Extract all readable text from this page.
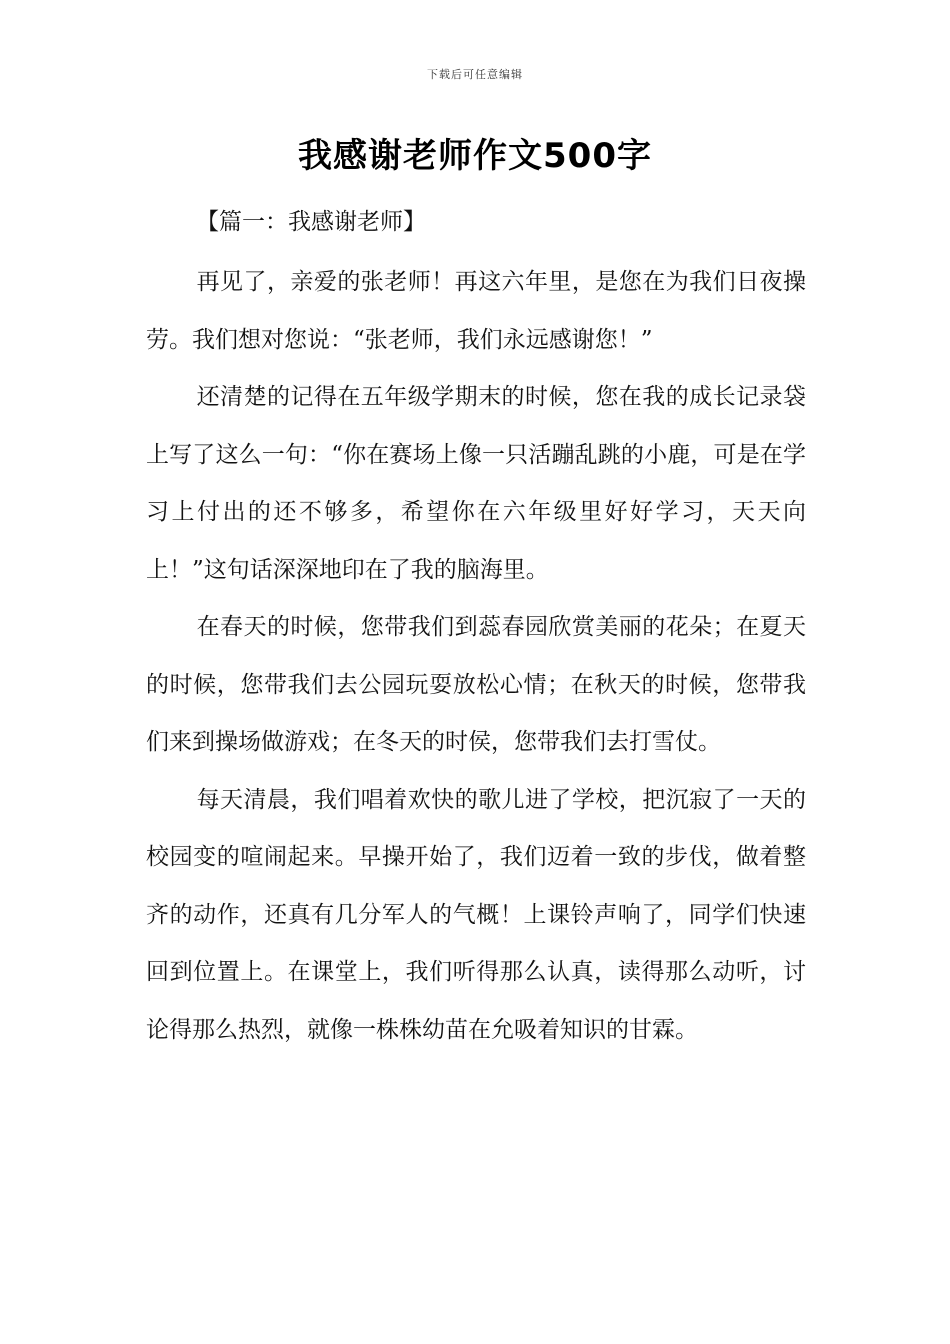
下载后可任意编辑
我感谢老师作文500字
【篇一：我感谢老师】

再见了，亲爱的张老师！再这六年里，是您在为我们日夜操劳。我们想对您说：“张老师，我们永远感谢您！”

还清楚的记得在五年级学期末的时候，您在我的成长记录袋上写了这么一句：“你在赛场上像一只活蹦乱跳的小鹿，可是在学习上付出的还不够多，希望你在六年级里好好学习，天天向上！”这句话深深地印在了我的脑海里。

在春天的时候，您带我们到蕊春园欣赏美丽的花朵；在夏天的时候，您带我们去公园玩耍放松心情；在秋天的时候，您带我们来到操场做游戏；在冬天的时侯，您带我们去打雪仗。

每天清晨，我们唱着欢快的歌儿进了学校，把沉寂了一天的校园变的喧闹起来。早操开始了，我们迈着一致的步伐，做着整齐的动作，还真有几分军人的气概！上课铃声响了，同学们快速回到位置上。在课堂上，我们听得那么认真，读得那么动听，讨论得那么热烈，就像一株株幼苗在允吸着知识的甘霖。
